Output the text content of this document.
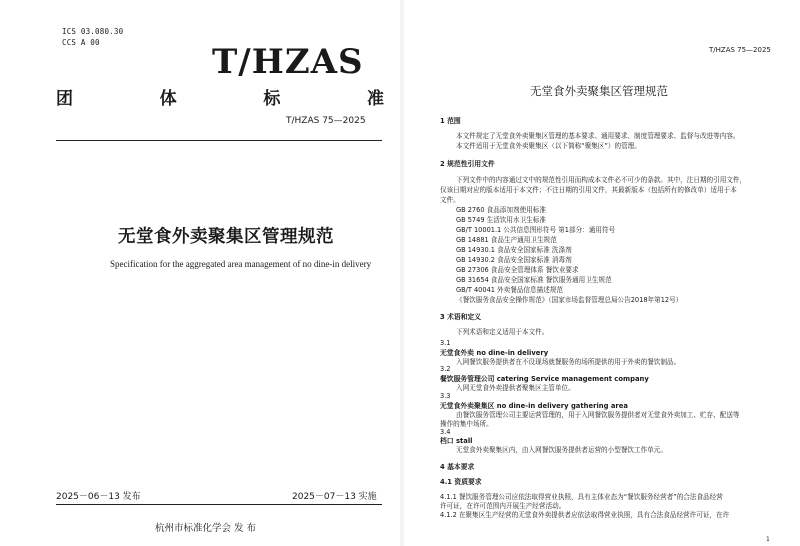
ICS 03.080.30
CCS A 00	T/HZAS
团	体	标	准
T/HZAS 75—2025
无堂食外卖聚集区管理规范
Specification for the aggregated area management of no dine-in delivery
2025－06－13 发布	2025－07－13 实施
杭州市标准化学会 发 布
T/HZAS 75—2025
无堂食外卖聚集区管理规范
1 范围
本文件规定了无堂食外卖聚集区管理的基本要求、通用要求、制度管理要求、监督与改进等内容。
本文件适用于无堂食外卖聚集区（以下简称“聚集区”）的管理。
2 规范性引用文件
下列文件中的内容通过文中的规范性引用而构成本文件必不可少的条款。其中，注日期的引用文件，
仅该日期对应的版本适用于本文件；不注日期的引用文件，其最新版本（包括所有的修改单）适用于本
文件。
GB 2760 食品添加剂使用标准
GB 5749 生活饮用水卫生标准
GB/T 10001.1 公共信息图形符号 第1部分：通用符号
GB 14881 食品生产通用卫生规范
GB 14930.1 食品安全国家标准 洗涤剂
GB 14930.2 食品安全国家标准 消毒剂
GB 27306 食品安全管理体系 餐饮业要求
GB 31654 食品安全国家标准 餐饮服务通用卫生规范
GB/T 40041 外卖餐品信息描述规范
《餐饮服务食品安全操作规范》（国家市场监督管理总局公告2018年第12号）
3 术语和定义
下列术语和定义适用于本文件。
3.1
无堂食外卖 no dine-in delivery
入网餐饮服务提供者在不设现场就餐服务的场所提供的用于外卖的餐饮制品。
3.2
餐饮服务管理公司 catering Service management company
入网无堂食外卖提供者聚集区主管单位。
3.3
无堂食外卖聚集区 no dine-in delivery gathering area
由餐饮服务管理公司主要运营管理的，用于入网餐饮服务提供者对无堂食外卖加工、贮存、配送等
操作的集中场所。
3.4
档口 stall
无堂食外卖聚集区内，由入网餐饮服务提供者运营的小型餐饮工作单元。
4 基本要求
4.1 资质要求
4.1.1 餐饮服务管理公司应依法取得营业执照，具有主体业态为“餐饮服务经营者”的合法食品经营
许可证，在许可范围内开展生产经营活动。
4.1.2 在聚集区生产经营的无堂食外卖提供者应依法取得营业执照，具有合法食品经营许可证，在许
1
